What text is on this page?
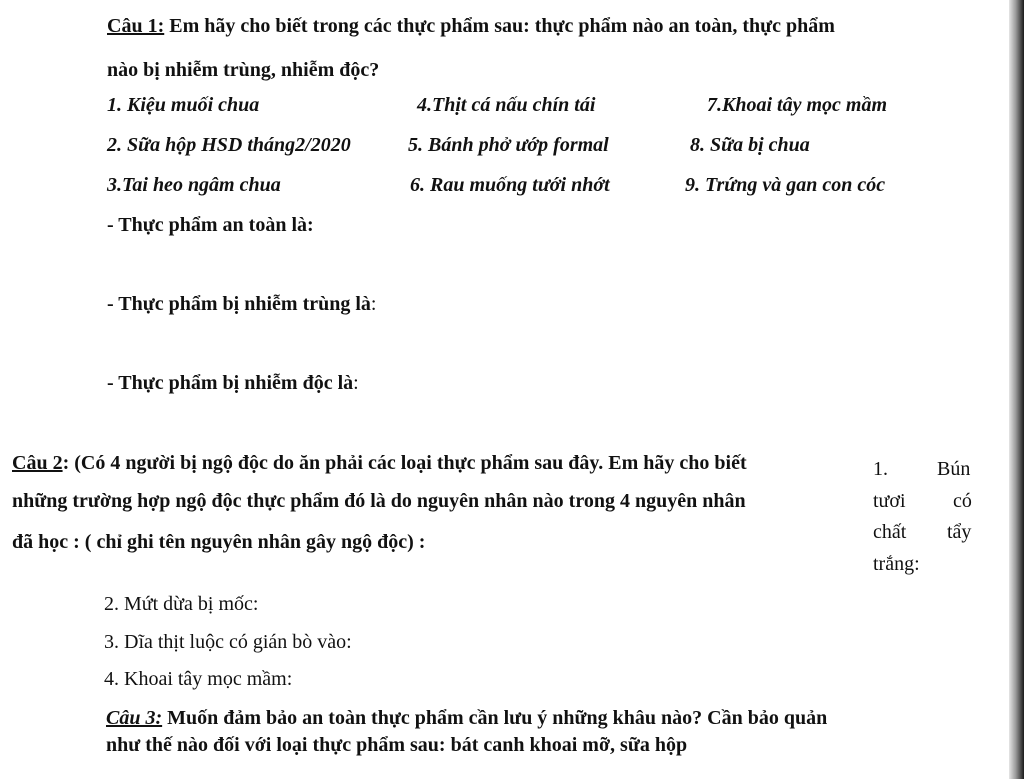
Câu 1: Em hãy cho biết trong các thực phẩm sau: thực phẩm nào an toàn, thực phẩm
nào bị nhiễm trùng, nhiễm độc?
1. Kiệu muối chua	4.Thịt cá nấu chín tái	7.Khoai tây mọc mầm
2. Sữa hộp HSD tháng2/2020	5. Bánh phở ướp formal	8. Sữa bị chua
3.Tai heo ngâm chua	6. Rau muống tưới nhớt	9. Trứng và gan con cóc
- Thực phẩm an toàn là:
- Thực phẩm bị nhiễm trùng là:
- Thực phẩm bị nhiễm độc là:
Câu 2: (Có 4 người bị ngộ độc do ăn phải các loại thực phẩm sau đây. Em hãy cho biết
những trường hợp ngộ độc thực phẩm đó là do nguyên nhân nào trong 4 nguyên nhân
đã học : ( chỉ ghi tên nguyên nhân gây ngộ độc) :
1. Bún
tươi có
chất tẩy
trắng:
2. Mứt dừa bị mốc:
3. Dĩa thịt luộc có gián bò vào:
4. Khoai tây mọc mầm:
Câu 3: Muốn đảm bảo an toàn thực phẩm cần lưu ý những khâu nào? Cần bảo quản
như thế nào đối với loại thực phẩm sau: bát canh khoai mỡ, sữa hộp
